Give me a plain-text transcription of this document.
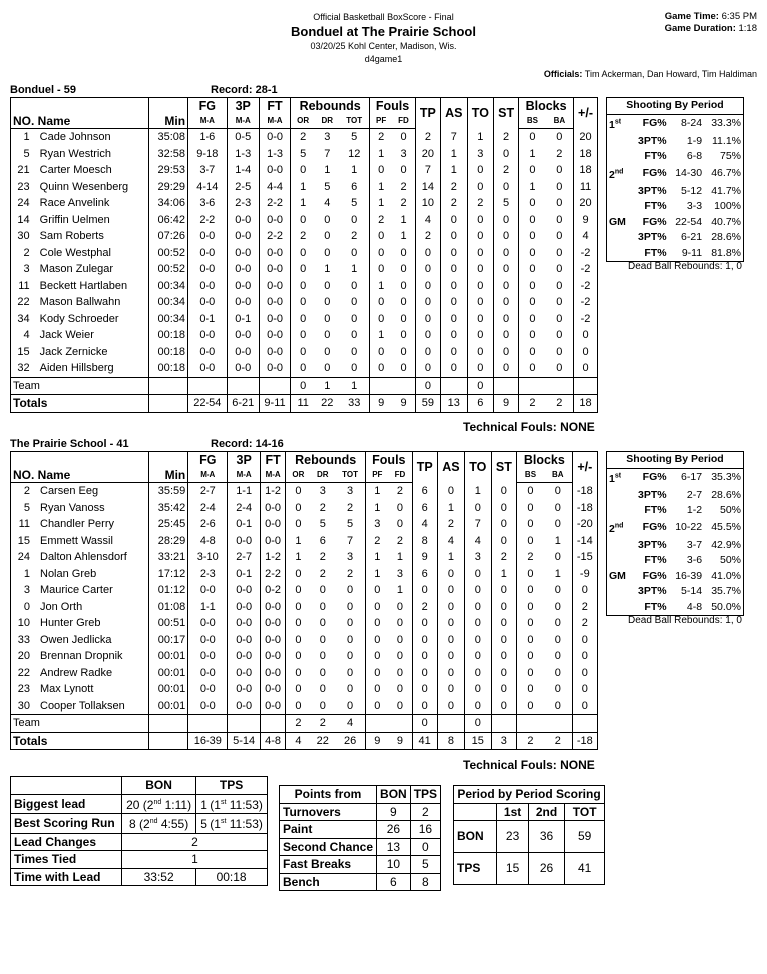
Official Basketball BoxScore - Final
Bonduel at The Prairie School
03/20/25 Kohl Center, Madison, Wis.
d4game1
Game Time: 6:35 PM
Game Duration: 1:18
Officials: Tim Ackerman, Dan Howard, Tim Haldiman
Bonduel - 59	Record: 28-1
			FG	3P	FT	Rebounds			Fouls		TP	AS	TO	ST	Blocks		+/-
NO. Name		Min	M-A	M-A	M-A	OR	DR	TOT	PF	FD					BS	BA	
1	Cade Johnson	35:08	1-6	0-5	0-0	2	3	5	2	0	2	7	1	2	0	0	20
5	Ryan Westrich	32:58	9-18	1-3	1-3	5	7	12	1	3	20	1	3	0	1	2	18
21	Carter Moesch	29:53	3-7	1-4	0-0	0	1	1	0	0	7	1	0	2	0	0	18
23	Quinn Wesenberg	29:29	4-14	2-5	4-4	1	5	6	1	2	14	2	0	0	1	0	11
24	Race Anvelink	34:06	3-6	2-3	2-2	1	4	5	1	2	10	2	2	5	0	0	20
14	Griffin Uelmen	06:42	2-2	0-0	0-0	0	0	0	2	1	4	0	0	0	0	0	9
30	Sam Roberts	07:26	0-0	0-0	2-2	2	0	2	0	1	2	0	0	0	0	0	4
2	Cole Westphal	00:52	0-0	0-0	0-0	0	0	0	0	0	0	0	0	0	0	0	-2
3	Mason Zulegar	00:52	0-0	0-0	0-0	0	1	1	0	0	0	0	0	0	0	0	-2
11	Beckett Hartlaben	00:34	0-0	0-0	0-0	0	0	0	1	0	0	0	0	0	0	0	-2
22	Mason Ballwahn	00:34	0-0	0-0	0-0	0	0	0	0	0	0	0	0	0	0	0	-2
34	Kody Schroeder	00:34	0-1	0-1	0-0	0	0	0	0	0	0	0	0	0	0	0	-2
4	Jack Weier	00:18	0-0	0-0	0-0	0	0	0	1	0	0	0	0	0	0	0	0
15	Jack Zernicke	00:18	0-0	0-0	0-0	0	0	0	0	0	0	0	0	0	0	0	0
32	Aiden Hillsberg	00:18	0-0	0-0	0-0	0	0	0	0	0	0	0	0	0	0	0	0
Team						0	1	1			0		0				
Totals			22-54	6-21	9-11	11	22	33	9	9	59	13	6	9	2	2	18
Technical Fouls: NONE
Shooting By Period			
1st	FG%	8-24	33.3%
	3PT%	1-9	11.1%
	FT%	6-8	75%
2nd	FG%	14-30	46.7%
	3PT%	5-12	41.7%
	FT%	3-3	100%
GM	FG%	22-54	40.7%
	3PT%	6-21	28.6%
	FT%	9-11	81.8%
Dead Ball Rebounds: 1, 0
The Prairie School - 41	Record: 14-16
			FG	3P	FT	Rebounds			Fouls		TP	AS	TO	ST	Blocks		+/-
NO. Name		Min	M-A	M-A	M-A	OR	DR	TOT	PF	FD					BS	BA	
2	Carsen Eeg	35:59	2-7	1-1	1-2	0	3	3	1	2	6	0	1	0	0	0	-18
5	Ryan Vanoss	35:42	2-4	2-4	0-0	0	2	2	1	0	6	1	0	0	0	0	-18
11	Chandler Perry	25:45	2-6	0-1	0-0	0	5	5	3	0	4	2	7	0	0	0	-20
15	Emmett Wassil	28:29	4-8	0-0	0-0	1	6	7	2	2	8	4	4	0	0	1	-14
24	Dalton Ahlensdorf	33:21	3-10	2-7	1-2	1	2	3	1	1	9	1	3	2	2	0	-15
1	Nolan Greb	17:12	2-3	0-1	2-2	0	2	2	1	3	6	0	0	1	0	1	-9
3	Maurice Carter	01:12	0-0	0-0	0-2	0	0	0	0	1	0	0	0	0	0	0	0
0	Jon Orth	01:08	1-1	0-0	0-0	0	0	0	0	0	2	0	0	0	0	0	2
10	Hunter Greb	00:51	0-0	0-0	0-0	0	0	0	0	0	0	0	0	0	0	0	2
33	Owen Jedlicka	00:17	0-0	0-0	0-0	0	0	0	0	0	0	0	0	0	0	0	0
20	Brennan Dropnik	00:01	0-0	0-0	0-0	0	0	0	0	0	0	0	0	0	0	0	0
22	Andrew Radke	00:01	0-0	0-0	0-0	0	0	0	0	0	0	0	0	0	0	0	0
23	Max Lynott	00:01	0-0	0-0	0-0	0	0	0	0	0	0	0	0	0	0	0	0
30	Cooper Tollaksen	00:01	0-0	0-0	0-0	0	0	0	0	0	0	0	0	0	0	0	0
Team						2	2	4			0		0				
Totals			16-39	5-14	4-8	4	22	26	9	9	41	8	15	3	2	2	-18
Technical Fouls: NONE
Shooting By Period			
1st	FG%	6-17	35.3%
	3PT%	2-7	28.6%
	FT%	1-2	50%
2nd	FG%	10-22	45.5%
	3PT%	3-7	42.9%
	FT%	3-6	50%
GM	FG%	16-39	41.0%
	3PT%	5-14	35.7%
	FT%	4-8	50.0%
Dead Ball Rebounds: 1, 0
	BON	TPS
Biggest lead	20 (2nd 1:11)	1 (1st 11:53)
Best Scoring Run	8 (2nd 4:55)	5 (1st 11:53)
Lead Changes	2	
Times Tied	1	
Time with Lead	33:52	00:18
Points from	BON	TPS
Turnovers	9	2
Paint	26	16
Second Chance	13	0
Fast Breaks	10	5
Bench	6	8
Period by Period Scoring			
	1st	2nd	TOT
BON	23	36	59
TPS	15	26	41
